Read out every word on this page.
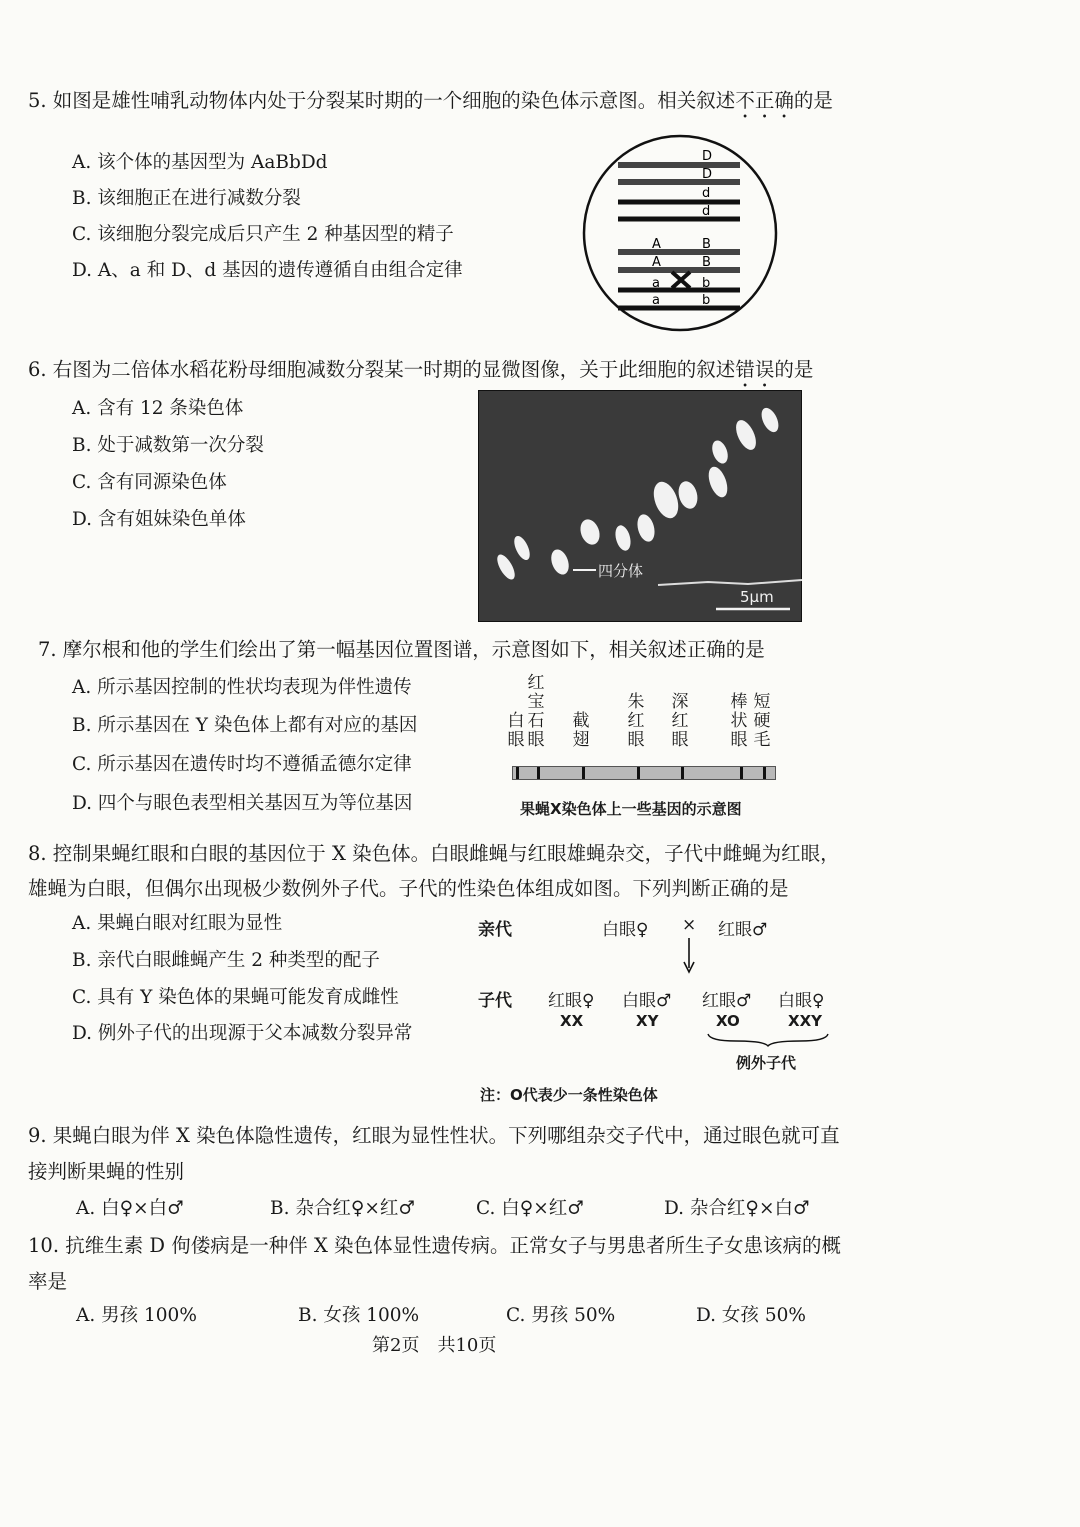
5. 如图是雄性哺乳动物体内处于分裂某时期的一个细胞的染色体示意图。相关叙述不正确的是
A. 该个体的基因型为 AaBbDd
B. 该细胞正在进行减数分裂
C. 该细胞分裂完成后只产生 2 种基因型的精子
D. A、a 和 D、d 基因的遗传遵循自由组合定律
D
D
d
d
A	B
A	B
a	b
a	b
6. 右图为二倍体水稻花粉母细胞减数分裂某一时期的显微图像，关于此细胞的叙述错误的是
A. 含有 12 条染色体
B. 处于减数第一次分裂
C. 含有同源染色体
D. 含有姐妹染色单体
四分体
5μm
7. 摩尔根和他的学生们绘出了第一幅基因位置图谱，示意图如下，相关叙述正确的是
A. 所示基因控制的性状均表现为伴性遗传
B. 所示基因在 Y 染色体上都有对应的基因
C. 所示基因在遗传时均不遵循孟德尔定律
D. 四个与眼色表型相关基因互为等位基因
白
眼
红
宝
石
眼
截
翅
朱
红
眼
深
红
眼
棒
状
眼
短
硬
毛
果蝇X染色体上一些基因的示意图
8. 控制果蝇红眼和白眼的基因位于 X 染色体。白眼雌蝇与红眼雄蝇杂交，子代中雌蝇为红眼，
雄蝇为白眼，但偶尔出现极少数例外子代。子代的性染色体组成如图。下列判断正确的是
A. 果蝇白眼对红眼为显性
B. 亲代白眼雌蝇产生 2 种类型的配子
C. 具有 Y 染色体的果蝇可能发育成雌性
D. 例外子代的出现源于父本减数分裂异常
亲代	白眼♀ × 红眼♂
子代 红眼♀ 白眼♂ 红眼♂ 白眼♀
XX	XY	XO	XXY
例外子代
注：O代表少一条性染色体
9. 果蝇白眼为伴 X 染色体隐性遗传，红眼为显性性状。下列哪组杂交子代中，通过眼色就可直
接判断果蝇的性别
A. 白♀×白♂	B. 杂合红♀×红♂	C. 白♀×红♂	D. 杂合红♀×白♂
10. 抗维生素 D 佝偻病是一种伴 X 染色体显性遗传病。正常女子与男患者所生子女患该病的概
率是
A. 男孩 100%	B. 女孩 100%	C. 男孩 50%	D. 女孩 50%
第2页　共10页
